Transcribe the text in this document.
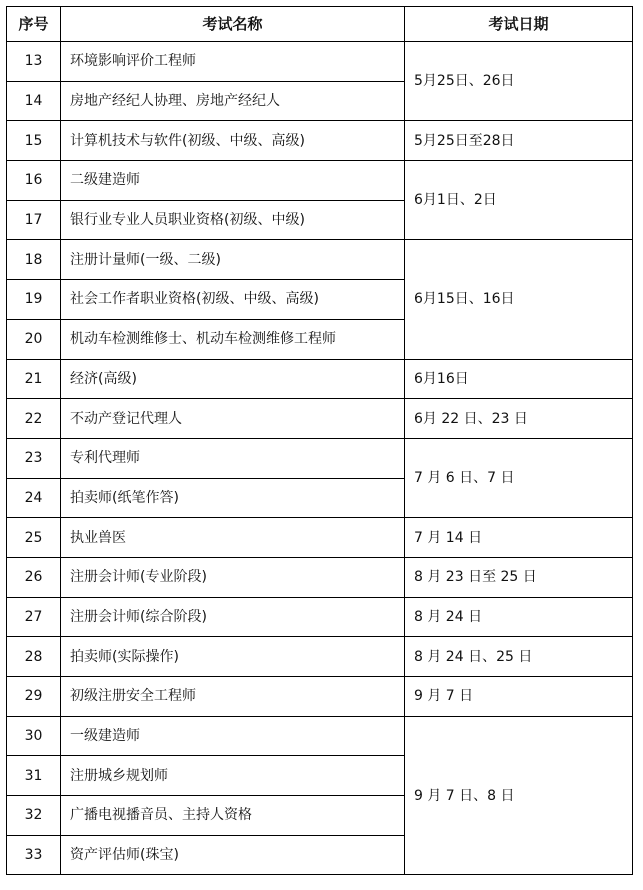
序号	考试名称	考试日期
13	环境影响评价工程师	5月25日、26日
14	房地产经纪人协理、房地产经纪人	
15	计算机技术与软件(初级、中级、高级)	5月25日至28日
16	二级建造师	6月1日、2日
17	银行业专业人员职业资格(初级、中级)	
18	注册计量师(一级、二级)	6月15日、16日
19	社会工作者职业资格(初级、中级、高级)	
20	机动车检测维修士、机动车检测维修工程师	
21	经济(高级)	6月16日
22	不动产登记代理人	6月 22 日、23 日
23	专利代理师	7 月 6 日、7 日
24	拍卖师(纸笔作答)	
25	执业兽医	7 月 14 日
26	注册会计师(专业阶段)	8 月 23 日至 25 日
27	注册会计师(综合阶段)	8 月 24 日
28	拍卖师(实际操作)	8 月 24 日、25 日
29	初级注册安全工程师	9 月 7 日
30	一级建造师	9 月 7 日、8 日
31	注册城乡规划师	
32	广播电视播音员、主持人资格	
33	资产评估师(珠宝)	
